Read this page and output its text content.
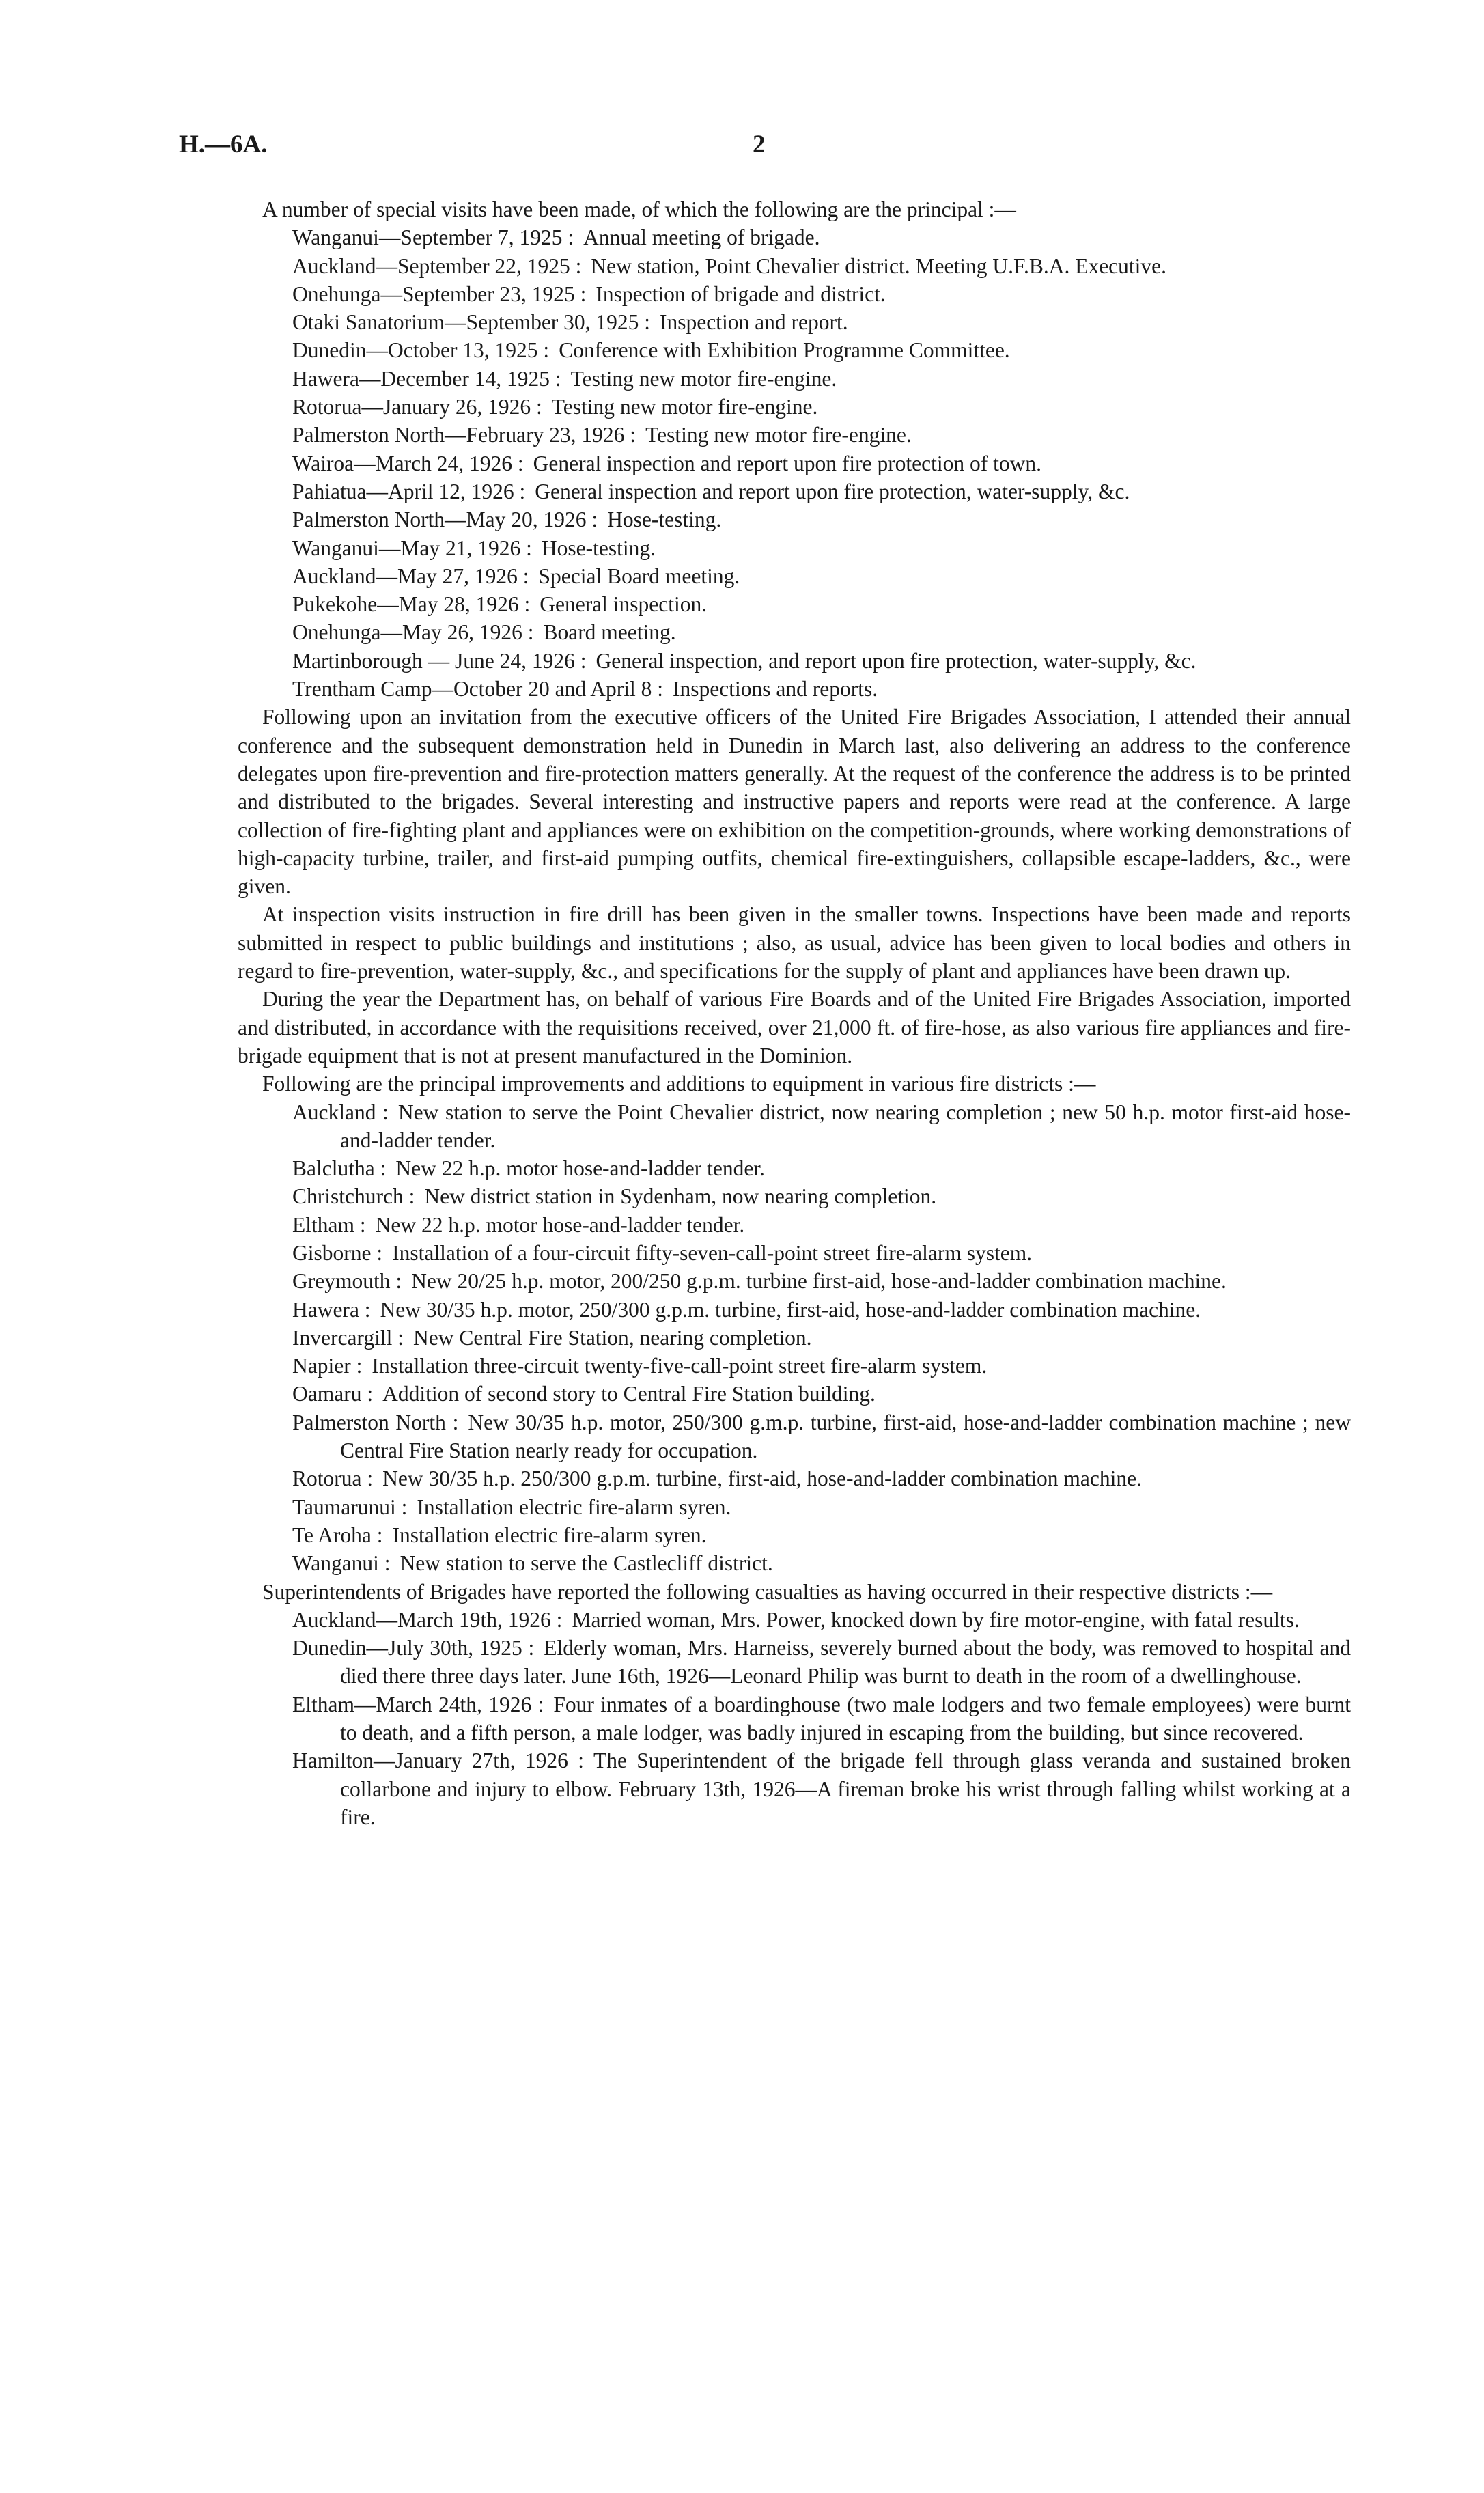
H.—6A.	2

A number of special visits have been made, of which the following are the principal :—

Wanganui—September 7, 1925 : Annual meeting of brigade.

Auckland—September 22, 1925 : New station, Point Chevalier district. Meeting U.F.B.A. Executive.

Onehunga—September 23, 1925 : Inspection of brigade and district.

Otaki Sanatorium—September 30, 1925 : Inspection and report.

Dunedin—October 13, 1925 : Conference with Exhibition Programme Committee.

Hawera—December 14, 1925 : Testing new motor fire-engine.

Rotorua—January 26, 1926 : Testing new motor fire-engine.

Palmerston North—February 23, 1926 : Testing new motor fire-engine.

Wairoa—March 24, 1926 : General inspection and report upon fire protection of town.

Pahiatua—April 12, 1926 : General inspection and report upon fire protection, water-supply, &c.

Palmerston North—May 20, 1926 : Hose-testing.

Wanganui—May 21, 1926 : Hose-testing.

Auckland—May 27, 1926 : Special Board meeting.

Pukekohe—May 28, 1926 : General inspection.

Onehunga—May 26, 1926 : Board meeting.

Martinborough — June 24, 1926 : General inspection, and report upon fire protection, water-supply, &c.

Trentham Camp—October 20 and April 8 : Inspections and reports.

Following upon an invitation from the executive officers of the United Fire Brigades Association, I attended their annual conference and the subsequent demonstration held in Dunedin in March last, also delivering an address to the conference delegates upon fire-prevention and fire-protection matters generally. At the request of the conference the address is to be printed and distributed to the brigades. Several interesting and instructive papers and reports were read at the conference. A large collection of fire-fighting plant and appliances were on exhibition on the competition-grounds, where working demonstrations of high-capacity turbine, trailer, and first-aid pumping outfits, chemical fire-extinguishers, collapsible escape-ladders, &c., were given.

At inspection visits instruction in fire drill has been given in the smaller towns. Inspections have been made and reports submitted in respect to public buildings and institutions ; also, as usual, advice has been given to local bodies and others in regard to fire-prevention, water-supply, &c., and specifications for the supply of plant and appliances have been drawn up.

During the year the Department has, on behalf of various Fire Boards and of the United Fire Brigades Association, imported and distributed, in accordance with the requisitions received, over 21,000 ft. of fire-hose, as also various fire appliances and fire-brigade equipment that is not at present manufactured in the Dominion.

Following are the principal improvements and additions to equipment in various fire districts :—

Auckland : New station to serve the Point Chevalier district, now nearing completion ; new 50 h.p. motor first-aid hose-and-ladder tender.

Balclutha : New 22 h.p. motor hose-and-ladder tender.

Christchurch : New district station in Sydenham, now nearing completion.

Eltham : New 22 h.p. motor hose-and-ladder tender.

Gisborne : Installation of a four-circuit fifty-seven-call-point street fire-alarm system.

Greymouth : New 20/25 h.p. motor, 200/250 g.p.m. turbine first-aid, hose-and-ladder combination machine.

Hawera : New 30/35 h.p. motor, 250/300 g.p.m. turbine, first-aid, hose-and-ladder combination machine.

Invercargill : New Central Fire Station, nearing completion.

Napier : Installation three-circuit twenty-five-call-point street fire-alarm system.

Oamaru : Addition of second story to Central Fire Station building.

Palmerston North : New 30/35 h.p. motor, 250/300 g.m.p. turbine, first-aid, hose-and-ladder combination machine ; new Central Fire Station nearly ready for occupation.

Rotorua : New 30/35 h.p. 250/300 g.p.m. turbine, first-aid, hose-and-ladder combination machine.

Taumarunui : Installation electric fire-alarm syren.

Te Aroha : Installation electric fire-alarm syren.

Wanganui : New station to serve the Castlecliff district.

Superintendents of Brigades have reported the following casualties as having occurred in their respective districts :—

Auckland—March 19th, 1926 : Married woman, Mrs. Power, knocked down by fire motor-engine, with fatal results.

Dunedin—July 30th, 1925 : Elderly woman, Mrs. Harneiss, severely burned about the body, was removed to hospital and died there three days later. June 16th, 1926—Leonard Philip was burnt to death in the room of a dwellinghouse.

Eltham—March 24th, 1926 : Four inmates of a boardinghouse (two male lodgers and two female employees) were burnt to death, and a fifth person, a male lodger, was badly injured in escaping from the building, but since recovered.

Hamilton—January 27th, 1926 : The Superintendent of the brigade fell through glass veranda and sustained broken collarbone and injury to elbow. February 13th, 1926—A fireman broke his wrist through falling whilst working at a fire.
